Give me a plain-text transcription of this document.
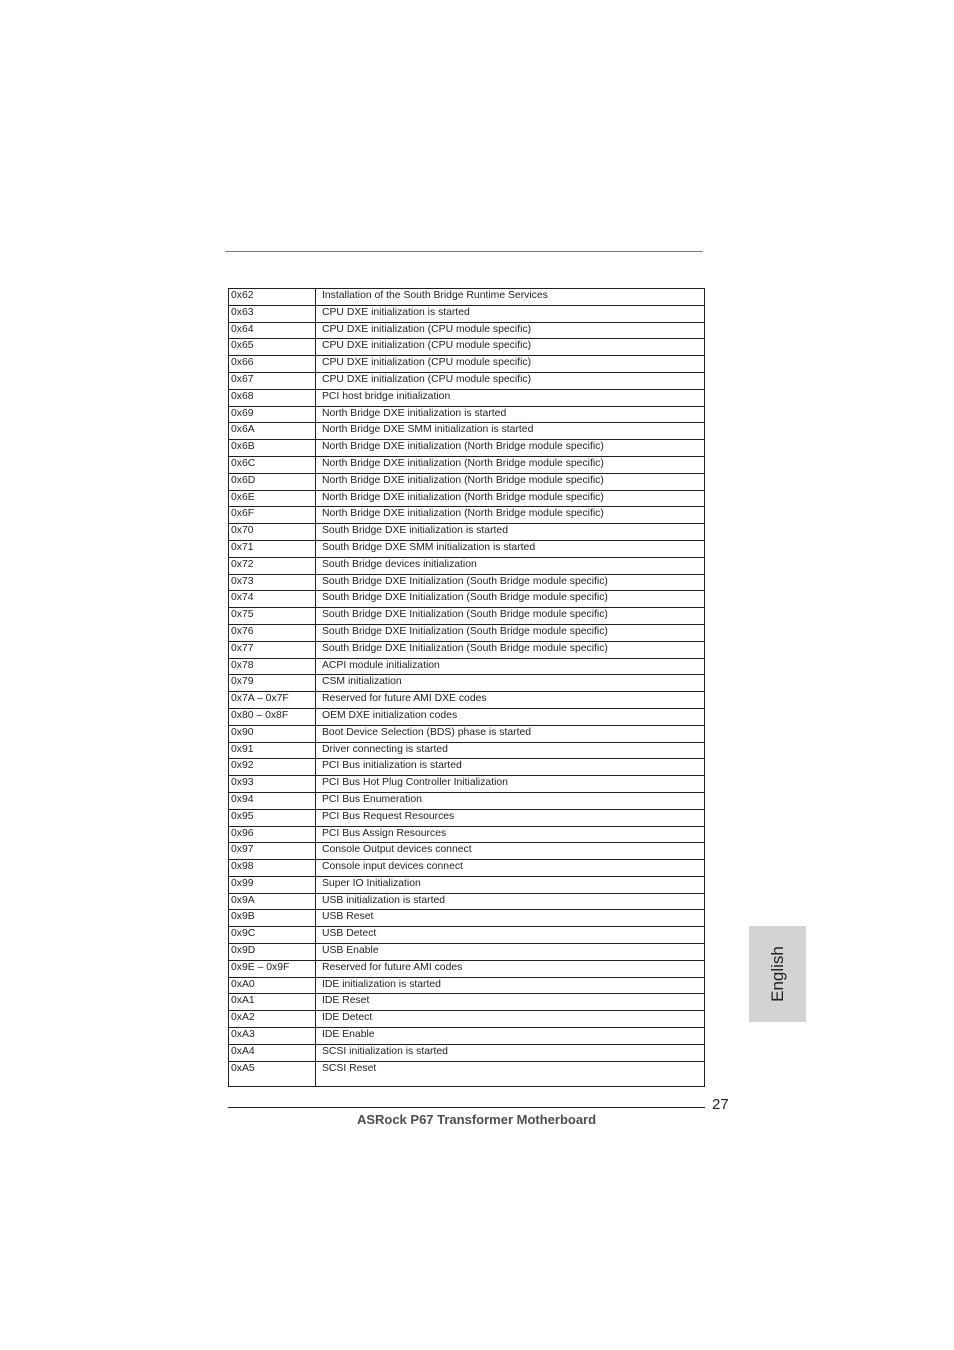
0x62	Installation of the South Bridge Runtime Services
0x63	CPU DXE initialization is started
0x64	CPU DXE initialization (CPU module specific)
0x65	CPU DXE initialization (CPU module specific)
0x66	CPU DXE initialization (CPU module specific)
0x67	CPU DXE initialization (CPU module specific)
0x68	PCI host bridge initialization
0x69	North Bridge DXE initialization is started
0x6A	North Bridge DXE SMM initialization is started
0x6B	North Bridge DXE initialization (North Bridge module specific)
0x6C	North Bridge DXE initialization (North Bridge module specific)
0x6D	North Bridge DXE initialization (North Bridge module specific)
0x6E	North Bridge DXE initialization (North Bridge module specific)
0x6F	North Bridge DXE initialization (North Bridge module specific)
0x70	South Bridge DXE initialization is started
0x71	South Bridge DXE SMM initialization is started
0x72	South Bridge devices initialization
0x73	South Bridge DXE Initialization (South Bridge module specific)
0x74	South Bridge DXE Initialization (South Bridge module specific)
0x75	South Bridge DXE Initialization (South Bridge module specific)
0x76	South Bridge DXE Initialization (South Bridge module specific)
0x77	South Bridge DXE Initialization (South Bridge module specific)
0x78	ACPI module initialization
0x79	CSM initialization
0x7A – 0x7F	Reserved for future AMI DXE codes
0x80 – 0x8F	OEM DXE initialization codes
0x90	Boot Device Selection (BDS) phase is started
0x91	Driver connecting is started
0x92	PCI Bus initialization is started
0x93	PCI Bus Hot Plug Controller Initialization
0x94	PCI Bus Enumeration
0x95	PCI Bus Request Resources
0x96	PCI Bus Assign Resources
0x97	Console Output devices connect
0x98	Console input devices connect
0x99	Super IO Initialization
0x9A	USB initialization is started
0x9B	USB Reset
0x9C	USB Detect
0x9D	USB Enable
0x9E – 0x9F	Reserved for future AMI codes
0xA0	IDE initialization is started
0xA1	IDE Reset
0xA2	IDE Detect
0xA3	IDE Enable
0xA4	SCSI initialization is started
0xA5	SCSI Reset
English
27
ASRock P67 Transformer Motherboard
